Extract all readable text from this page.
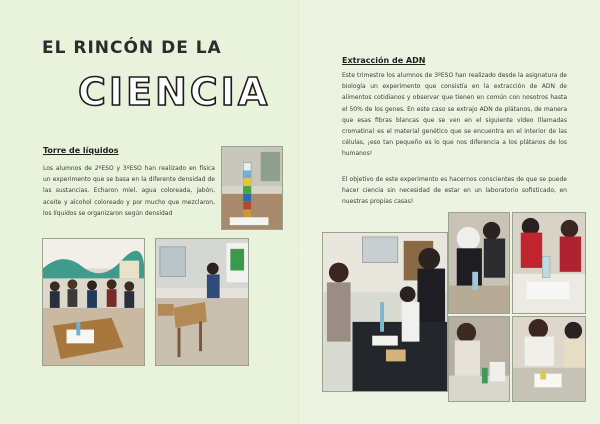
EL RINCÓN DE LA
CIENCIA
Torre de líquidos
Los alumnos de 2ºESO y 3ºESO han realizado en física un experimento que se basa en la diferente densidad de las sustancias. Echaron miel, agua coloreada, jabón, aceite y alcohol coloreado y por mucho que mezclaron, los líquidos se organizaron según densidad
Extracción de ADN
Este trimestre los alumnos de 3ºESO han realizado desde la asignatura de biología un experimento que consistía en la extracción de ADN de alimentos cotidianos y observar que tienen en común con nosotros hasta el 50% de los genes. En este caso se extrajo ADN de plátanos, de manera que esas fibras blancas que se ven en el siguiente vídeo (llamadas cromatina) es el material genético que se encuentra en el interior de las células, ¡eso tan pequeño es lo que nos diferencia a los plátanos de los humanos!
El objetivo de este experimento es hacernos conscientes de que se puede hacer ciencia sin necesidad de estar en un laboratorio sofisticado, en nuestras propias casas!
